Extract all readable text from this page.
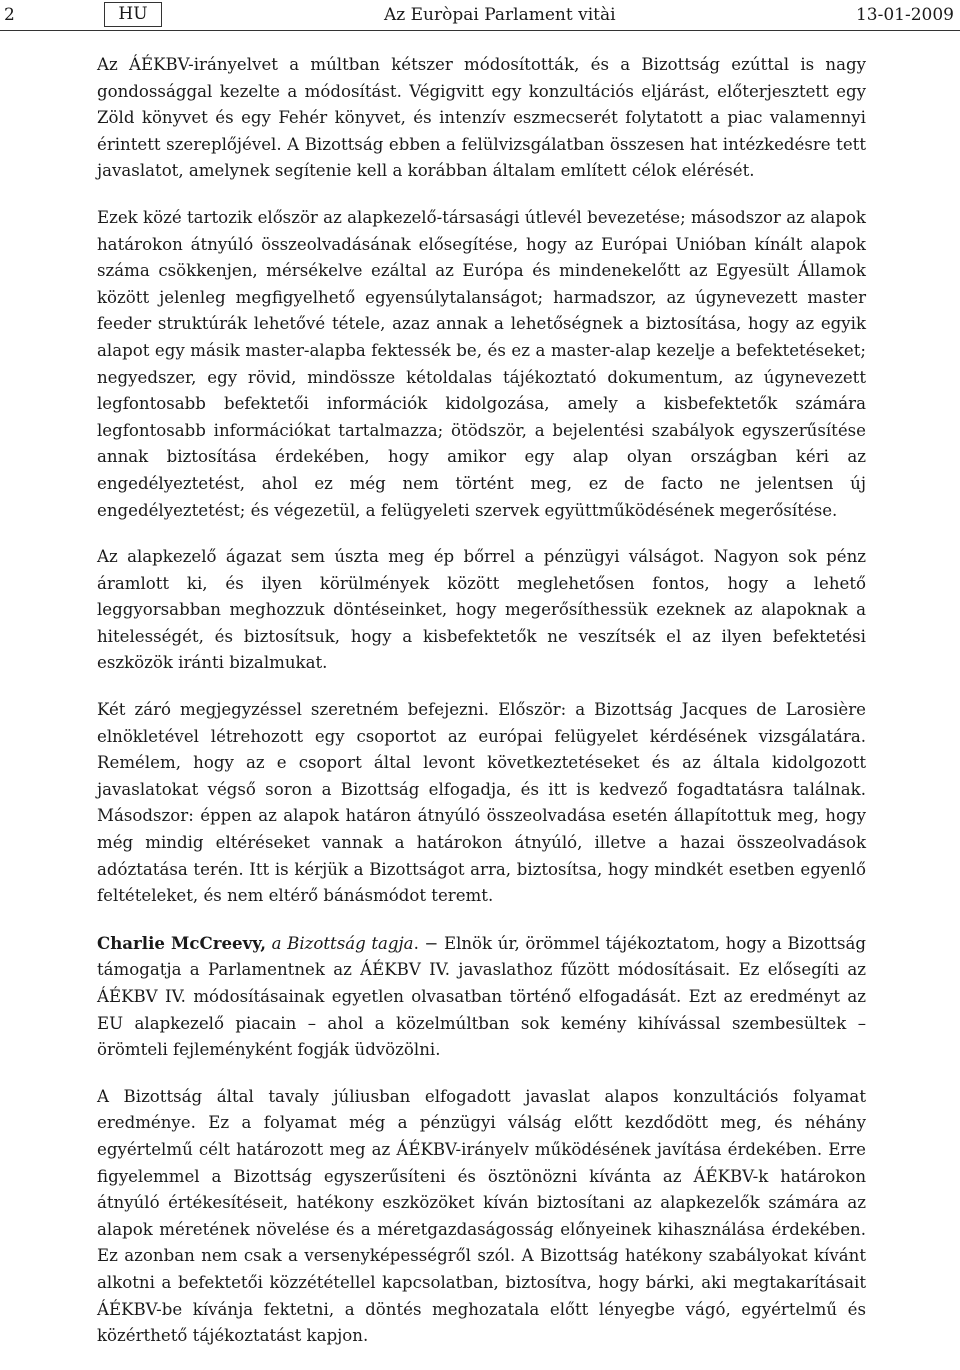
2	HU	Az Euròpai Parlament vitài	13-01-2009

Az ÁÉKBV-irányelvet a múltban kétszer módosították, és a Bizottság ezúttal is nagy gondossággal kezelte a módosítást. Végigvitt egy konzultációs eljárást, előterjesztett egy Zöld könyvet és egy Fehér könyvet, és intenzív eszmecserét folytatott a piac valamennyi érintett szereplőjével. A Bizottság ebben a felülvizsgálatban összesen hat intézkedésre tett javaslatot, amelynek segítenie kell a korábban általam említett célok elérését.

Ezek közé tartozik először az alapkezelő-társasági útlevél bevezetése; másodszor az alapok határokon átnyúló összeolvadásának elősegítése, hogy az Európai Unióban kínált alapok száma csökkenjen, mérsékelve ezáltal az Európa és mindenekelőtt az Egyesült Államok között jelenleg megfigyelhető egyensúlytalanságot; harmadszor, az úgynevezett master feeder struktúrák lehetővé tétele, azaz annak a lehetőségnek a biztosítása, hogy az egyik alapot egy másik master-alapba fektessék be, és ez a master-alap kezelje a befektetéseket; negyedszer, egy rövid, mindössze kétoldalas tájékoztató dokumentum, az úgynevezett legfontosabb befektetői információk kidolgozása, amely a kisbefektetők számára legfontosabb információkat tartalmazza; ötödször, a bejelentési szabályok egyszerűsítése annak biztosítása érdekében, hogy amikor egy alap olyan országban kéri az engedélyeztetést, ahol ez még nem történt meg, ez de facto ne jelentsen új engedélyeztetést; és végezetül, a felügyeleti szervek együttműködésének megerősítése.

Az alapkezelő ágazat sem úszta meg ép bőrrel a pénzügyi válságot. Nagyon sok pénz áramlott ki, és ilyen körülmények között meglehetősen fontos, hogy a lehető leggyorsabban meghozzuk döntéseinket, hogy megerősíthessük ezeknek az alapoknak a hitelességét, és biztosítsuk, hogy a kisbefektetők ne veszítsék el az ilyen befektetési eszközök iránti bizalmukat.

Két záró megjegyzéssel szeretném befejezni. Először: a Bizottság Jacques de Larosière elnökletével létrehozott egy csoportot az európai felügyelet kérdésének vizsgálatára. Remélem, hogy az e csoport által levont következtetéseket és az általa kidolgozott javaslatokat végső soron a Bizottság elfogadja, és itt is kedvező fogadtatásra találnak. Másodszor: éppen az alapok határon átnyúló összeolvadása esetén állapítottuk meg, hogy még mindig eltéréseket vannak a határokon átnyúló, illetve a hazai összeolvadások adóztatása terén. Itt is kérjük a Bizottságot arra, biztosítsa, hogy mindkét esetben egyenlő feltételeket, és nem eltérő bánásmódot teremt.

Charlie McCreevy, a Bizottság tagja. − Elnök úr, örömmel tájékoztatom, hogy a Bizottság támogatja a Parlamentnek az ÁÉKBV IV. javaslathoz fűzött módosításait. Ez elősegíti az ÁÉKBV IV. módosításainak egyetlen olvasatban történő elfogadását. Ezt az eredményt az EU alapkezelő piacain – ahol a közelmúltban sok kemény kihívással szembesültek – örömteli fejleményként fogják üdvözölni.

A Bizottság által tavaly júliusban elfogadott javaslat alapos konzultációs folyamat eredménye. Ez a folyamat még a pénzügyi válság előtt kezdődött meg, és néhány egyértelmű célt határozott meg az ÁÉKBV-irányelv működésének javítása érdekében. Erre figyelemmel a Bizottság egyszerűsíteni és ösztönözni kívánta az ÁÉKBV-k határokon átnyúló értékesítéseit, hatékony eszközöket kíván biztosítani az alapkezelők számára az alapok méretének növelése és a méretgazdaságosság előnyeinek kihasználása érdekében. Ez azonban nem csak a versenyképességről szól. A Bizottság hatékony szabályokat kívánt alkotni a befektetői közzététellel kapcsolatban, biztosítva, hogy bárki, aki megtakarításait ÁÉKBV-be kívánja fektetni, a döntés meghozatala előtt lényegbe vágó, egyértelmű és közérthető tájékoztatást kapjon.
